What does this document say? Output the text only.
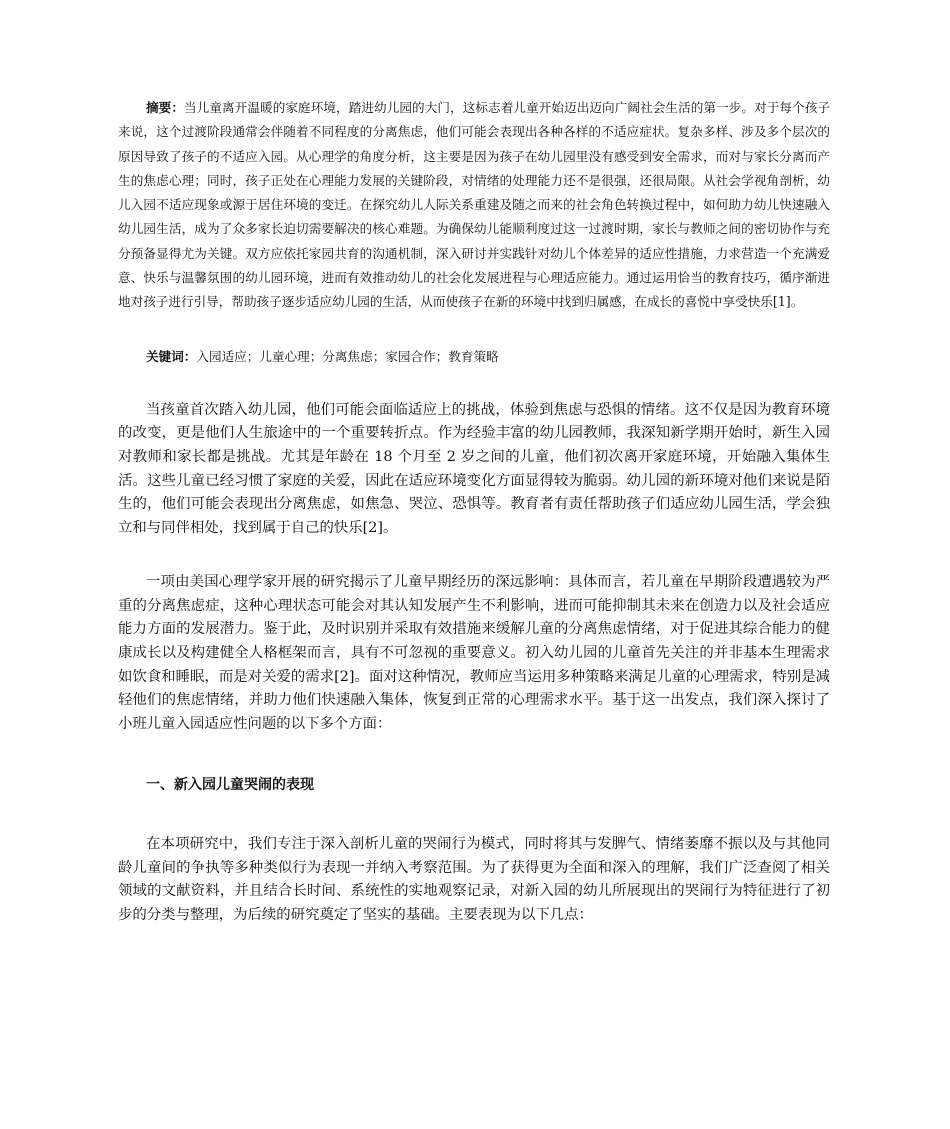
摘要：当儿童离开温暖的家庭环境，踏进幼儿园的大门，这标志着儿童开始迈出迈向广阔社会生活的第一步。对于每个孩子来说，这个过渡阶段通常会伴随着不同程度的分离焦虑，他们可能会表现出各种各样的不适应症状。复杂多样、涉及多个层次的原因导致了孩子的不适应入园。从心理学的角度分析，这主要是因为孩子在幼儿园里没有感受到安全需求，而对与家长分离而产生的焦虑心理；同时，孩子正处在心理能力发展的关键阶段，对情绪的处理能力还不是很强，还很局限。从社会学视角剖析，幼儿入园不适应现象或源于居住环境的变迁。在探究幼儿人际关系重建及随之而来的社会角色转换过程中，如何助力幼儿快速融入幼儿园生活，成为了众多家长迫切需要解决的核心难题。为确保幼儿能顺利度过这一过渡时期，家长与教师之间的密切协作与充分预备显得尤为关键。双方应依托家园共育的沟通机制，深入研讨并实践针对幼儿个体差异的适应性措施，力求营造一个充满爱意、快乐与温馨氛围的幼儿园环境，进而有效推动幼儿的社会化发展进程与心理适应能力。通过运用恰当的教育技巧，循序渐进地对孩子进行引导，帮助孩子逐步适应幼儿园的生活，从而使孩子在新的环境中找到归属感，在成长的喜悦中享受快乐[1]。

关键词：入园适应；儿童心理；分离焦虑；家园合作；教育策略

当孩童首次踏入幼儿园，他们可能会面临适应上的挑战，体验到焦虑与恐惧的情绪。这不仅是因为教育环境的改变，更是他们人生旅途中的一个重要转折点。作为经验丰富的幼儿园教师，我深知新学期开始时，新生入园对教师和家长都是挑战。尤其是年龄在 18 个月至 2 岁之间的儿童，他们初次离开家庭环境，开始融入集体生活。这些儿童已经习惯了家庭的关爱，因此在适应环境变化方面显得较为脆弱。幼儿园的新环境对他们来说是陌生的，他们可能会表现出分离焦虑，如焦急、哭泣、恐惧等。教育者有责任帮助孩子们适应幼儿园生活，学会独立和与同伴相处，找到属于自己的快乐[2]。

一项由美国心理学家开展的研究揭示了儿童早期经历的深远影响：具体而言，若儿童在早期阶段遭遇较为严重的分离焦虑症，这种心理状态可能会对其认知发展产生不利影响，进而可能抑制其未来在创造力以及社会适应能力方面的发展潜力。鉴于此，及时识别并采取有效措施来缓解儿童的分离焦虑情绪，对于促进其综合能力的健康成长以及构建健全人格框架而言，具有不可忽视的重要意义。初入幼儿园的儿童首先关注的并非基本生理需求如饮食和睡眠，而是对关爱的需求[2]。面对这种情况，教师应当运用多种策略来满足儿童的心理需求，特别是减轻他们的焦虑情绪，并助力他们快速融入集体，恢复到正常的心理需求水平。基于这一出发点，我们深入探讨了小班儿童入园适应性问题的以下多个方面：

一、新入园儿童哭闹的表现

在本项研究中，我们专注于深入剖析儿童的哭闹行为模式，同时将其与发脾气、情绪萎靡不振以及与其他同龄儿童间的争执等多种类似行为表现一并纳入考察范围。为了获得更为全面和深入的理解，我们广泛查阅了相关领域的文献资料，并且结合长时间、系统性的实地观察记录，对新入园的幼儿所展现出的哭闹行为特征进行了初步的分类与整理，为后续的研究奠定了坚实的基础。主要表现为以下几点：
